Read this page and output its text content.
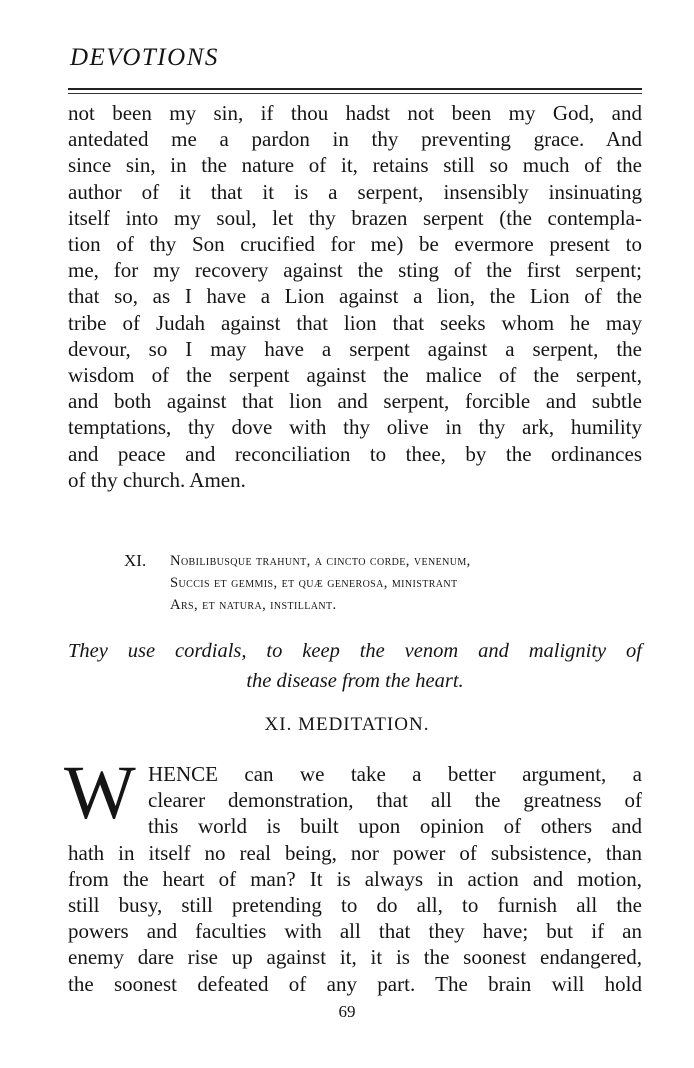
DEVOTIONS
not been my sin, if thou hadst not been my God, and
antedated me a pardon in thy preventing grace. And
since sin, in the nature of it, retains still so much of the
author of it that it is a serpent, insensibly insinuating
itself into my soul, let thy brazen serpent (the contempla-
tion of thy Son crucified for me) be evermore present to
me, for my recovery against the sting of the first serpent;
that so, as I have a Lion against a lion, the Lion of the
tribe of Judah against that lion that seeks whom he may
devour, so I may have a serpent against a serpent, the
wisdom of the serpent against the malice of the serpent,
and both against that lion and serpent, forcible and subtle
temptations, thy dove with thy olive in thy ark, humility
and peace and reconciliation to thee, by the ordinances
of thy church. Amen.
XI. Nobilibusque trahunt, a cincto corde, venenum,
Succis et gemmis, et quæ generosa, ministrant
Ars, et natura, instillant.
They use cordials, to keep the venom and malignity of
the disease from the heart.
XI. MEDITATION.
W HENCE can we take a better argument, a
clearer demonstration, that all the greatness of
this world is built upon opinion of others and
hath in itself no real being, nor power of subsistence, than
from the heart of man? It is always in action and motion,
still busy, still pretending to do all, to furnish all the
powers and faculties with all that they have; but if an
enemy dare rise up against it, it is the soonest endangered,
the soonest defeated of any part. The brain will hold
69
